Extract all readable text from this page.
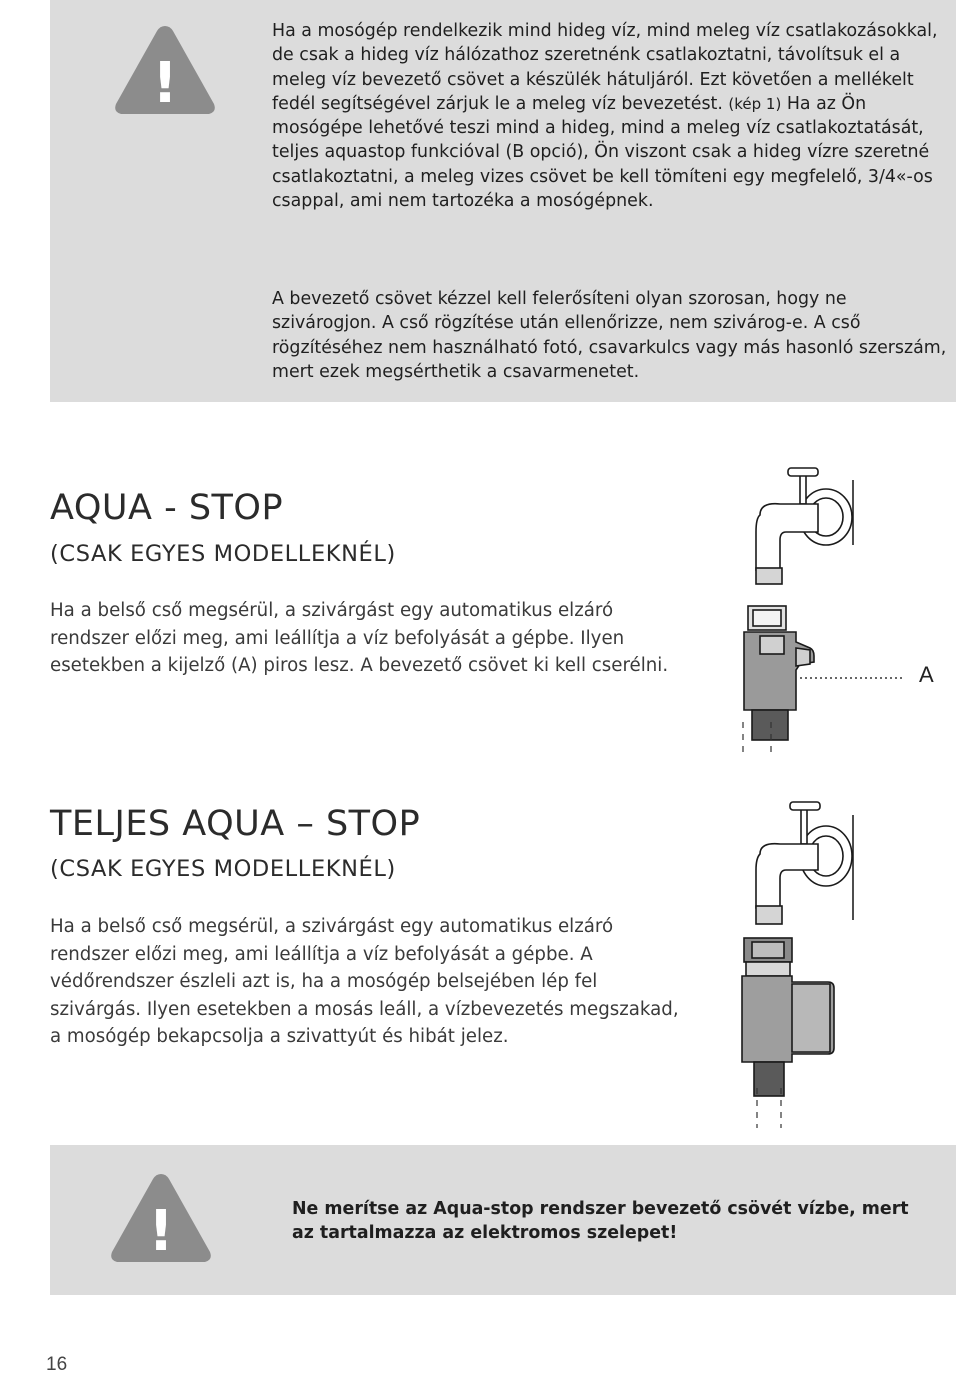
!
Ha a mosógép rendelkezik mind hideg víz, mind meleg víz csatlakozásokkal, de csak a hideg víz hálózathoz szeretnénk csatlakoztatni, távolítsuk el a meleg víz bevezető csövet a készülék hátuljáról. Ezt követően a mellékelt fedél segítségével zárjuk le a meleg víz bevezetést. (kép 1) Ha az Ön mosógépe lehetővé teszi mind a hideg, mind a meleg víz csatlakoztatását, teljes aquastop funkcióval (B opció), Ön viszont csak a hideg vízre szeretné csatlakoztatni, a meleg vizes csövet be kell tömíteni egy megfelelő, 3/4«-os csappal, ami nem tartozéka a mosógépnek.
A bevezető csövet kézzel kell felerősíteni olyan szorosan, hogy ne szivárogjon. A cső rögzítése után ellenőrizze, nem szivárog-e. A cső rögzítéséhez nem használható fotó, csavarkulcs vagy más hasonló szerszám, mert ezek megsérthetik a csavarmenetet.
AQUA - STOP
(CSAK EGYES MODELLEKNÉL)

Ha a belső cső megsérül, a szivárgást egy automatikus elzáró rendszer előzi meg, ami leállítja a víz befolyását a gépbe. Ilyen esetekben a kijelző (A) piros lesz. A bevezető csövet ki kell cserélni.	A
TELJES AQUA – STOP
(CSAK EGYES MODELLEKNÉL)

Ha a belső cső megsérül, a szivárgást egy automatikus elzáró rendszer előzi meg, ami leállítja a víz befolyását a gépbe. A védőrendszer észleli azt is, ha a mosógép belsejében lép fel szivárgás. Ilyen esetekben a mosás leáll, a vízbevezetés megszakad, a mosógép bekapcsolja a szivattyút és hibát jelez.

!	Ne merítse az Aqua-stop rendszer bevezető csövét vízbe, mert az tartalmazza az elektromos szelepet!
16
